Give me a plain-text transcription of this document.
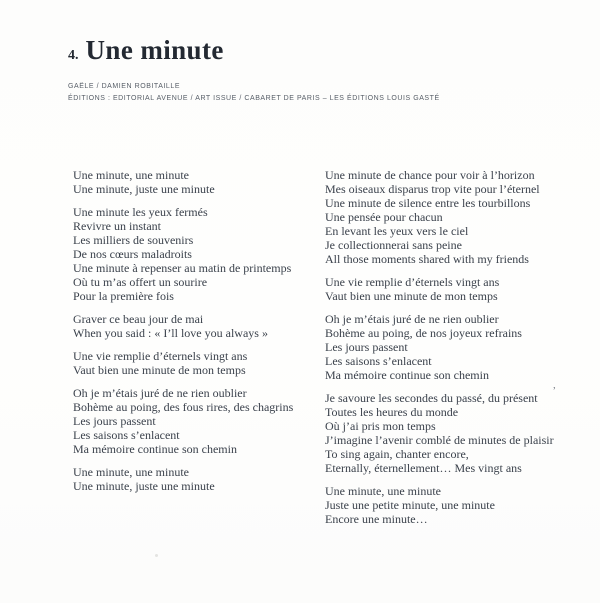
4. Une minute
GAËLE / DAMIEN ROBITAILLE
ÉDITIONS : EDITORIAL AVENUE / ART ISSUE / CABARET DE PARIS – LES ÉDITIONS LOUIS GASTÉ
Une minute, une minute
Une minute, juste une minute
Une minute les yeux fermés
Revivre un instant
Les milliers de souvenirs
De nos cœurs maladroits
Une minute à repenser au matin de printemps
Où tu m’as offert un sourire
Pour la première fois
Graver ce beau jour de mai
When you said : « I’ll love you always »
Une vie remplie d’éternels vingt ans
Vaut bien une minute de mon temps
Oh je m’étais juré de ne rien oublier
Bohème au poing, des fous rires, des chagrins
Les jours passent
Les saisons s’enlacent
Ma mémoire continue son chemin
Une minute, une minute
Une minute, juste une minute
Une minute de chance pour voir à l’horizon
Mes oiseaux disparus trop vite pour l’éternel
Une minute de silence entre les tourbillons
Une pensée pour chacun
En levant les yeux vers le ciel
Je collectionnerai sans peine
All those moments shared with my friends
Une vie remplie d’éternels vingt ans
Vaut bien une minute de mon temps
Oh je m’étais juré de ne rien oublier
Bohème au poing, de nos joyeux refrains
Les jours passent
Les saisons s’enlacent
Ma mémoire continue son chemin
Je savoure les secondes du passé, du présent
Toutes les heures du monde
Où j’ai pris mon temps
J’imagine l’avenir comblé de minutes de plaisir
To sing again, chanter encore,
Eternally, éternellement… Mes vingt ans
Une minute, une minute
Juste une petite minute, une minute
Encore une minute…
,
